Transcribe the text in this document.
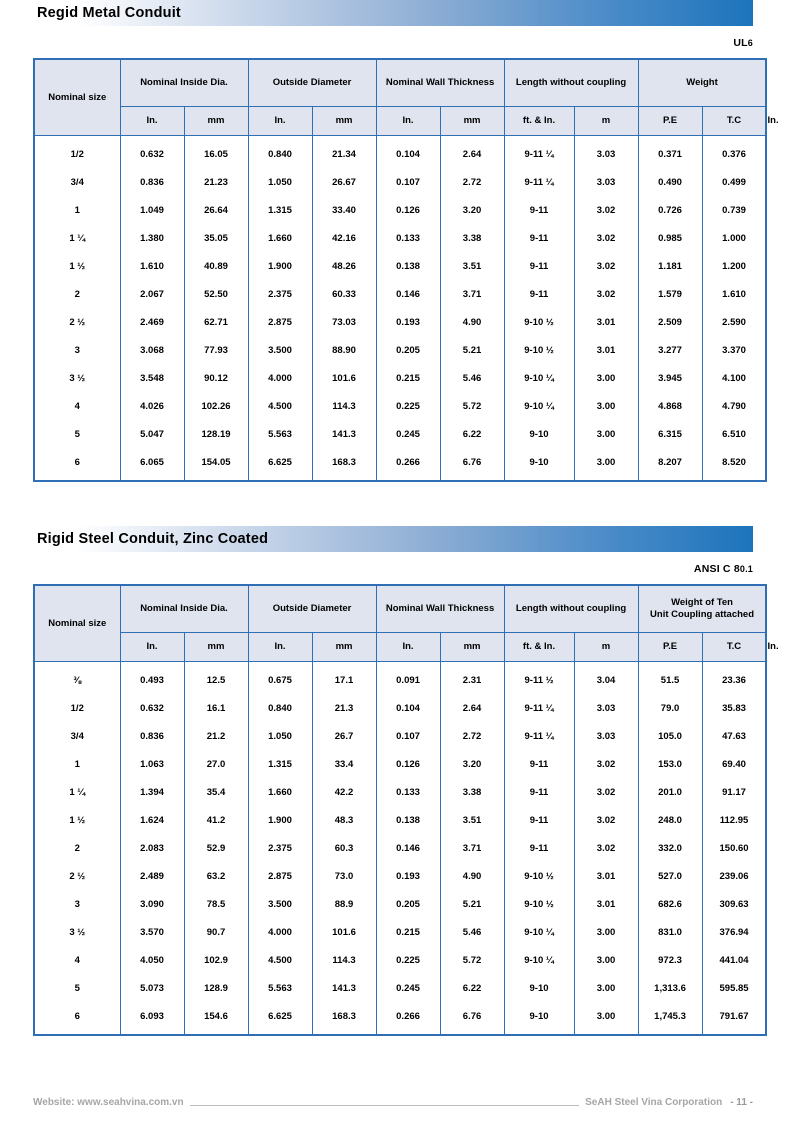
Regid Metal Conduit
UL6
Nominal size	Nominal Inside Dia.		Outside Diameter		Nominal Wall Thickness		Length without coupling		Weight		
	In.	mm	In.	mm	In.	mm	ft. & In.	m	P.E	T.C	In.
1/2	0.632	16.05	0.840	21.34	0.104	2.64	9-11 ¼	3.03	0.371	0.376	
3/4	0.836	21.23	1.050	26.67	0.107	2.72	9-11 ¼	3.03	0.490	0.499	
1	1.049	26.64	1.315	33.40	0.126	3.20	9-11	3.02	0.726	0.739	
1 ¼	1.380	35.05	1.660	42.16	0.133	3.38	9-11	3.02	0.985	1.000	
1 ½	1.610	40.89	1.900	48.26	0.138	3.51	9-11	3.02	1.181	1.200	
2	2.067	52.50	2.375	60.33	0.146	3.71	9-11	3.02	1.579	1.610	
2 ½	2.469	62.71	2.875	73.03	0.193	4.90	9-10 ½	3.01	2.509	2.590	
3	3.068	77.93	3.500	88.90	0.205	5.21	9-10 ½	3.01	3.277	3.370	
3 ½	3.548	90.12	4.000	101.6	0.215	5.46	9-10 ¼	3.00	3.945	4.100	
4	4.026	102.26	4.500	114.3	0.225	5.72	9-10 ¼	3.00	4.868	4.790	
5	5.047	128.19	5.563	141.3	0.245	6.22	9-10	3.00	6.315	6.510	
6	6.065	154.05	6.625	168.3	0.266	6.76	9-10	3.00	8.207	8.520	
Rigid Steel Conduit, Zinc Coated
ANSI C 80.1
Nominal size	Nominal Inside Dia.		Outside Diameter		Nominal Wall Thickness		Length without coupling		Weight of Ten
Unit Coupling attached		
	In.	mm	In.	mm	In.	mm	ft. & In.	m	P.E	T.C	In.
⅜	0.493	12.5	0.675	17.1	0.091	2.31	9-11 ½	3.04	51.5	23.36	
1/2	0.632	16.1	0.840	21.3	0.104	2.64	9-11 ¼	3.03	79.0	35.83	
3/4	0.836	21.2	1.050	26.7	0.107	2.72	9-11 ¼	3.03	105.0	47.63	
1	1.063	27.0	1.315	33.4	0.126	3.20	9-11	3.02	153.0	69.40	
1 ¼	1.394	35.4	1.660	42.2	0.133	3.38	9-11	3.02	201.0	91.17	
1 ½	1.624	41.2	1.900	48.3	0.138	3.51	9-11	3.02	248.0	112.95	
2	2.083	52.9	2.375	60.3	0.146	3.71	9-11	3.02	332.0	150.60	
2 ½	2.489	63.2	2.875	73.0	0.193	4.90	9-10 ½	3.01	527.0	239.06	
3	3.090	78.5	3.500	88.9	0.205	5.21	9-10 ½	3.01	682.6	309.63	
3 ½	3.570	90.7	4.000	101.6	0.215	5.46	9-10 ¼	3.00	831.0	376.94	
4	4.050	102.9	4.500	114.3	0.225	5.72	9-10 ¼	3.00	972.3	441.04	
5	5.073	128.9	5.563	141.3	0.245	6.22	9-10	3.00	1,313.6	595.85	
6	6.093	154.6	6.625	168.3	0.266	6.76	9-10	3.00	1,745.3	791.67	
Website: www.seahvina.com.vn	SeAH Steel Vina Corporation - 11 -
